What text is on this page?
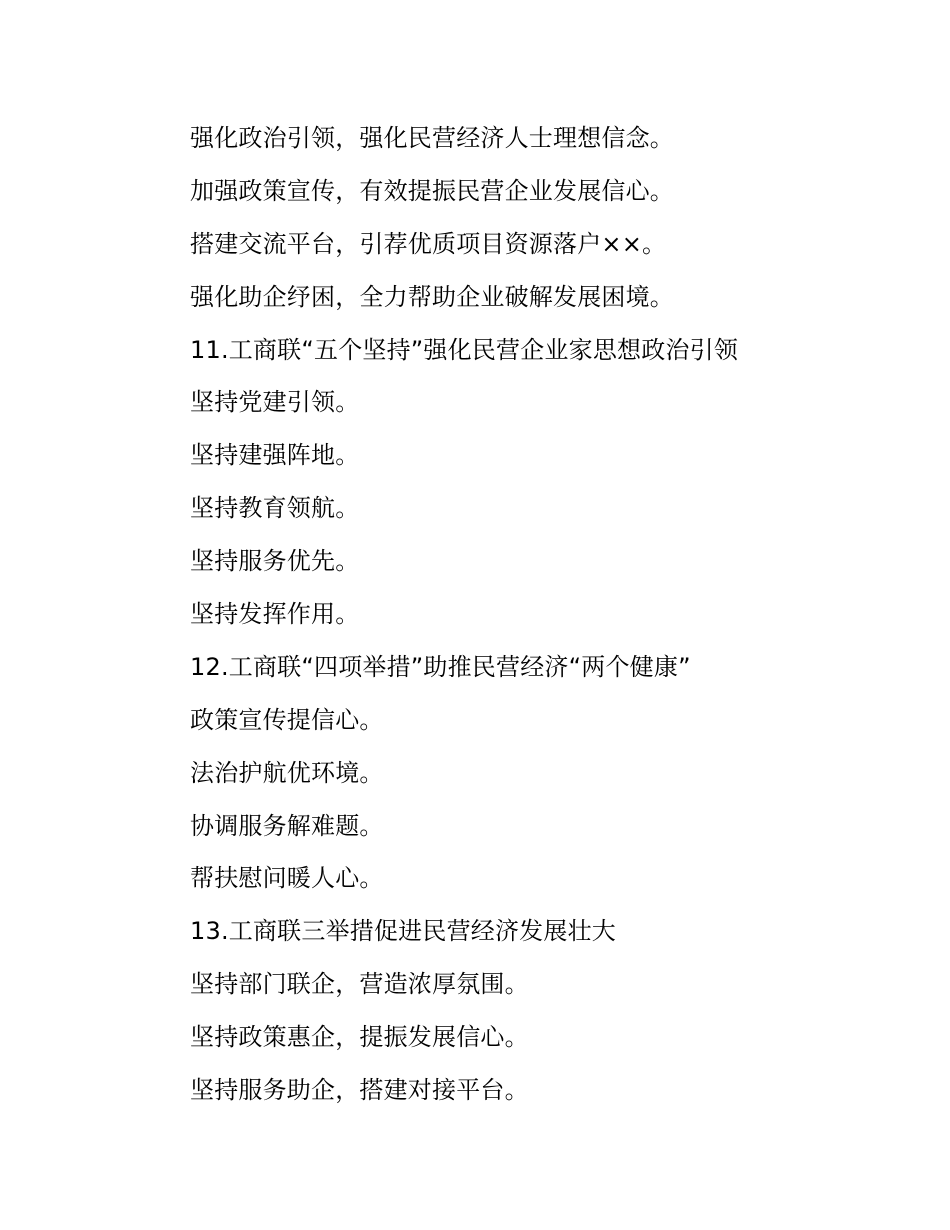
强化政治引领，强化民营经济人士理想信念。
加强政策宣传，有效提振民营企业发展信心。
搭建交流平台，引荐优质项目资源落户××。
强化助企纾困，全力帮助企业破解发展困境。
11.工商联“五个坚持”强化民营企业家思想政治引领
坚持党建引领。
坚持建强阵地。
坚持教育领航。
坚持服务优先。
坚持发挥作用。
12.工商联“四项举措”助推民营经济“两个健康”
政策宣传提信心。
法治护航优环境。
协调服务解难题。
帮扶慰问暖人心。
13.工商联三举措促进民营经济发展壮大
坚持部门联企，营造浓厚氛围。
坚持政策惠企，提振发展信心。
坚持服务助企，搭建对接平台。
